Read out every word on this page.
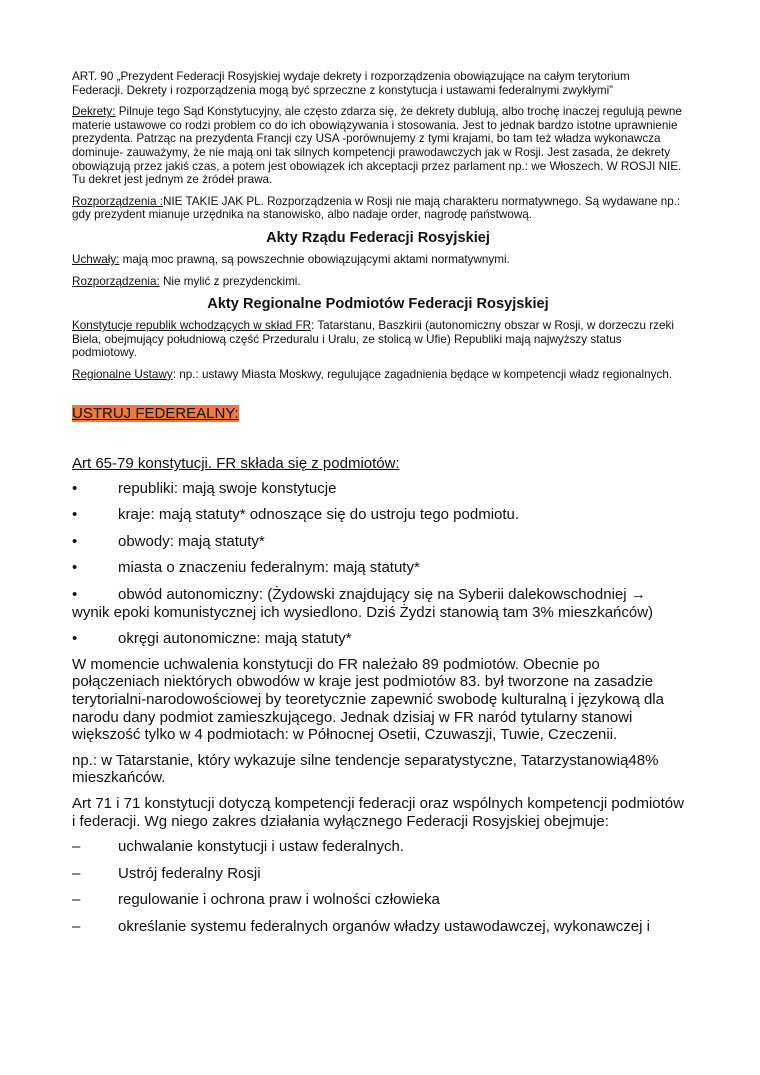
ART. 90 „Prezydent Federacji Rosyjskiej wydaje dekrety i rozporządzenia obowiązujące na całym terytorium Federacji. Dekrety i rozporządzenia mogą być sprzeczne z konstytucja i ustawami federalnymi zwykłymi”

Dekrety: Pilnuje tego Sąd Konstytucyjny, ale często zdarza się, że dekrety dublują, albo trochę inaczej regulują pewne materie ustawowe co rodzi problem co do ich obowiązywania i stosowania. Jest to jednak bardzo istotne uprawnienie prezydenta. Patrząc na prezydenta Francji czy USA -porównujemy z tymi krajami, bo tam też władza wykonawcza dominuje- zauważymy, że nie mają oni tak silnych kompetencji prawodawczych jak w Rosji. Jest zasada, że dekrety obowiązują przez jakiś czas, a potem jest obowiązek ich akceptacji przez parlament np.: we Włoszech. W ROSJI NIE. Tu dekret jest jednym ze źródeł prawa.

Rozporządzenia :NIE TAKIE JAK PL. Rozporządzenia w Rosji nie mają charakteru normatywnego. Są wydawane np.: gdy prezydent mianuje urzędnika na stanowisko, albo nadaje order, nagrodę państwową.

Akty Rządu Federacji Rosyjskiej

Uchwały: mają moc prawną, są powszechnie obowiązującymi aktami normatywnymi.

Rozporządzenia: Nie mylić z prezydenckimi.

Akty Regionalne Podmiotów Federacji Rosyjskiej

Konstytucje republik wchodzących w skład FR: Tatarstanu, Baszkirii (autonomiczny obszar w Rosji, w dorzeczu rzeki Biela, obejmujący południową część Przeduralu i Uralu, ze stolicą w Ufie) Republiki mają najwyższy status podmiotowy.

Regionalne Ustawy: np.: ustawy Miasta Moskwy, regulujące zagadnienia będące w kompetencji władz regionalnych.

USTRUJ FEDEREALNY:

Art 65-79 konstytucji. FR składa się z podmiotów:

•	republiki: mają swoje konstytucje

•	kraje: mają statuty* odnoszące się do ustroju tego podmiotu.

•	obwody: mają statuty*

•	miasta o znaczeniu federalnym: mają statuty*

•	obwód autonomiczny: (Żydowski znajdujący się na Syberii dalekowschodniej → wynik epoki komunistycznej ich wysiedlono. Dziś Żydzi stanowią tam 3% mieszkańców)

•	okręgi autonomiczne: mają statuty*

W momencie uchwalenia konstytucji do FR należało 89 podmiotów. Obecnie po połączeniach niektórych obwodów w kraje jest podmiotów 83. był tworzone na zasadzie terytorialni-narodowościowej by teoretycznie zapewnić swobodę kulturalną i językową dla narodu dany podmiot zamieszkującego. Jednak dzisiaj w FR naród tytularny stanowi większość tylko w 4 podmiotach: w Północnej Osetii, Czuwaszji, Tuwie, Czeczenii.

np.: w Tatarstanie, który wykazuje silne tendencje separatystyczne, Tatarzystanowią48% mieszkańców.

Art 71 i 71 konstytucji dotyczą kompetencji federacji oraz wspólnych kompetencji podmiotów i federacji. Wg niego zakres działania wyłącznego Federacji Rosyjskiej obejmuje:

–	uchwalanie konstytucji i ustaw federalnych.

–	Ustrój federalny Rosji

–	regulowanie i ochrona praw i wolności człowieka

–	określanie systemu federalnych organów władzy ustawodawczej, wykonawczej i
